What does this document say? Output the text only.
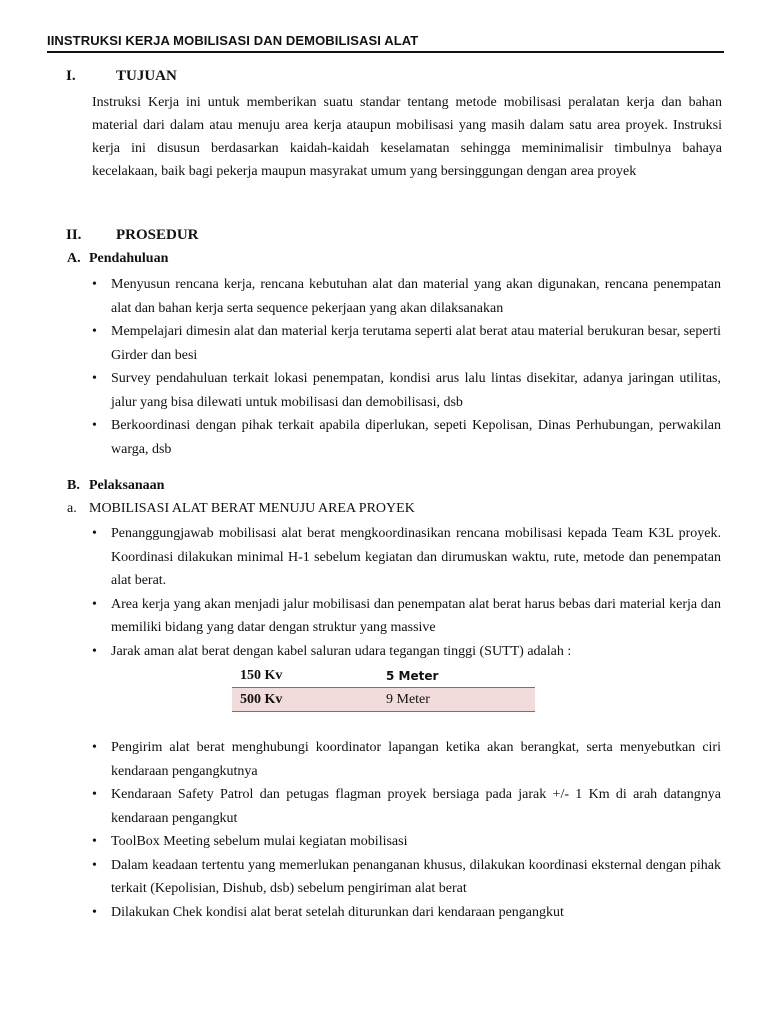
IINSTRUKSI KERJA MOBILISASI DAN DEMOBILISASI ALAT
I.	TUJUAN
Instruksi Kerja ini untuk memberikan suatu standar tentang metode mobilisasi peralatan kerja dan bahan material dari dalam atau menuju area kerja ataupun mobilisasi yang masih dalam satu area proyek. Instruksi kerja ini disusun berdasarkan kaidah-kaidah keselamatan sehingga meminimalisir timbulnya bahaya kecelakaan, baik bagi pekerja maupun masyrakat umum yang bersinggungan dengan area proyek
II. PROSEDUR
A. Pendahuluan
• Menyusun rencana kerja, rencana kebutuhan alat dan material yang akan digunakan, rencana penempatan alat dan bahan kerja serta sequence pekerjaan yang akan dilaksanakan
• Mempelajari dimesin alat dan material kerja terutama seperti alat berat atau material berukuran besar, seperti Girder dan besi
• Survey pendahuluan terkait lokasi penempatan, kondisi arus lalu lintas disekitar, adanya jaringan utilitas, jalur yang bisa dilewati untuk mobilisasi dan demobilisasi, dsb
• Berkoordinasi dengan pihak terkait apabila diperlukan, sepeti Kepolisan, Dinas Perhubungan, perwakilan warga, dsb
B. Pelaksanaan
a. MOBILISASI ALAT BERAT MENUJU AREA PROYEK
• Penanggungjawab mobilisasi alat berat mengkoordinasikan rencana mobilisasi kepada Team K3L proyek. Koordinasi dilakukan minimal H-1 sebelum kegiatan dan dirumuskan waktu, rute, metode dan penempatan alat berat.
• Area kerja yang akan menjadi jalur mobilisasi dan penempatan alat berat harus bebas dari material kerja dan memiliki bidang yang datar dengan struktur yang massive
• Jarak aman alat berat dengan kabel saluran udara tegangan tinggi (SUTT) adalah :
150 Kv	5 Meter
500 Kv	9 Meter
• Pengirim alat berat menghubungi koordinator lapangan ketika akan berangkat, serta menyebutkan ciri kendaraan pengangkutnya
• Kendaraan Safety Patrol dan petugas flagman proyek bersiaga pada jarak +/- 1 Km di arah datangnya kendaraan pengangkut
• ToolBox Meeting sebelum mulai kegiatan mobilisasi
• Dalam keadaan tertentu yang memerlukan penanganan khusus, dilakukan koordinasi eksternal dengan pihak terkait (Kepolisian, Dishub, dsb) sebelum pengiriman alat berat
• Dilakukan Chek kondisi alat berat setelah diturunkan dari kendaraan pengangkut
